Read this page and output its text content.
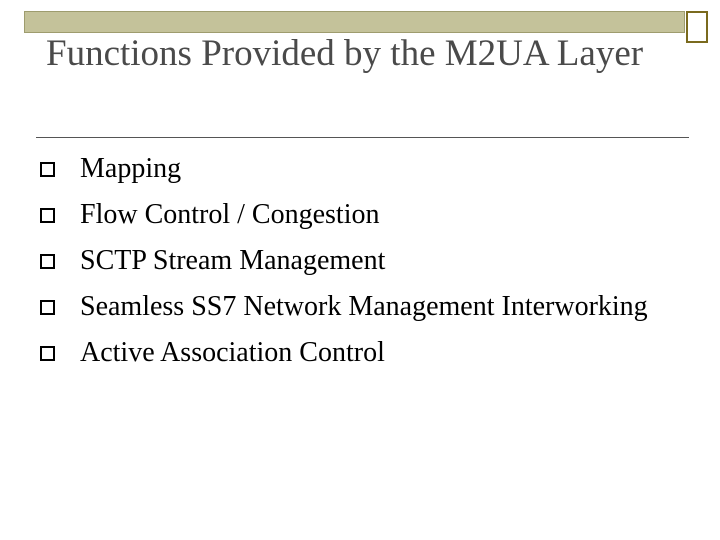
Functions Provided by the M2UA Layer
Mapping
Flow Control / Congestion
SCTP Stream Management
Seamless SS7 Network Management Interworking
Active Association Control
